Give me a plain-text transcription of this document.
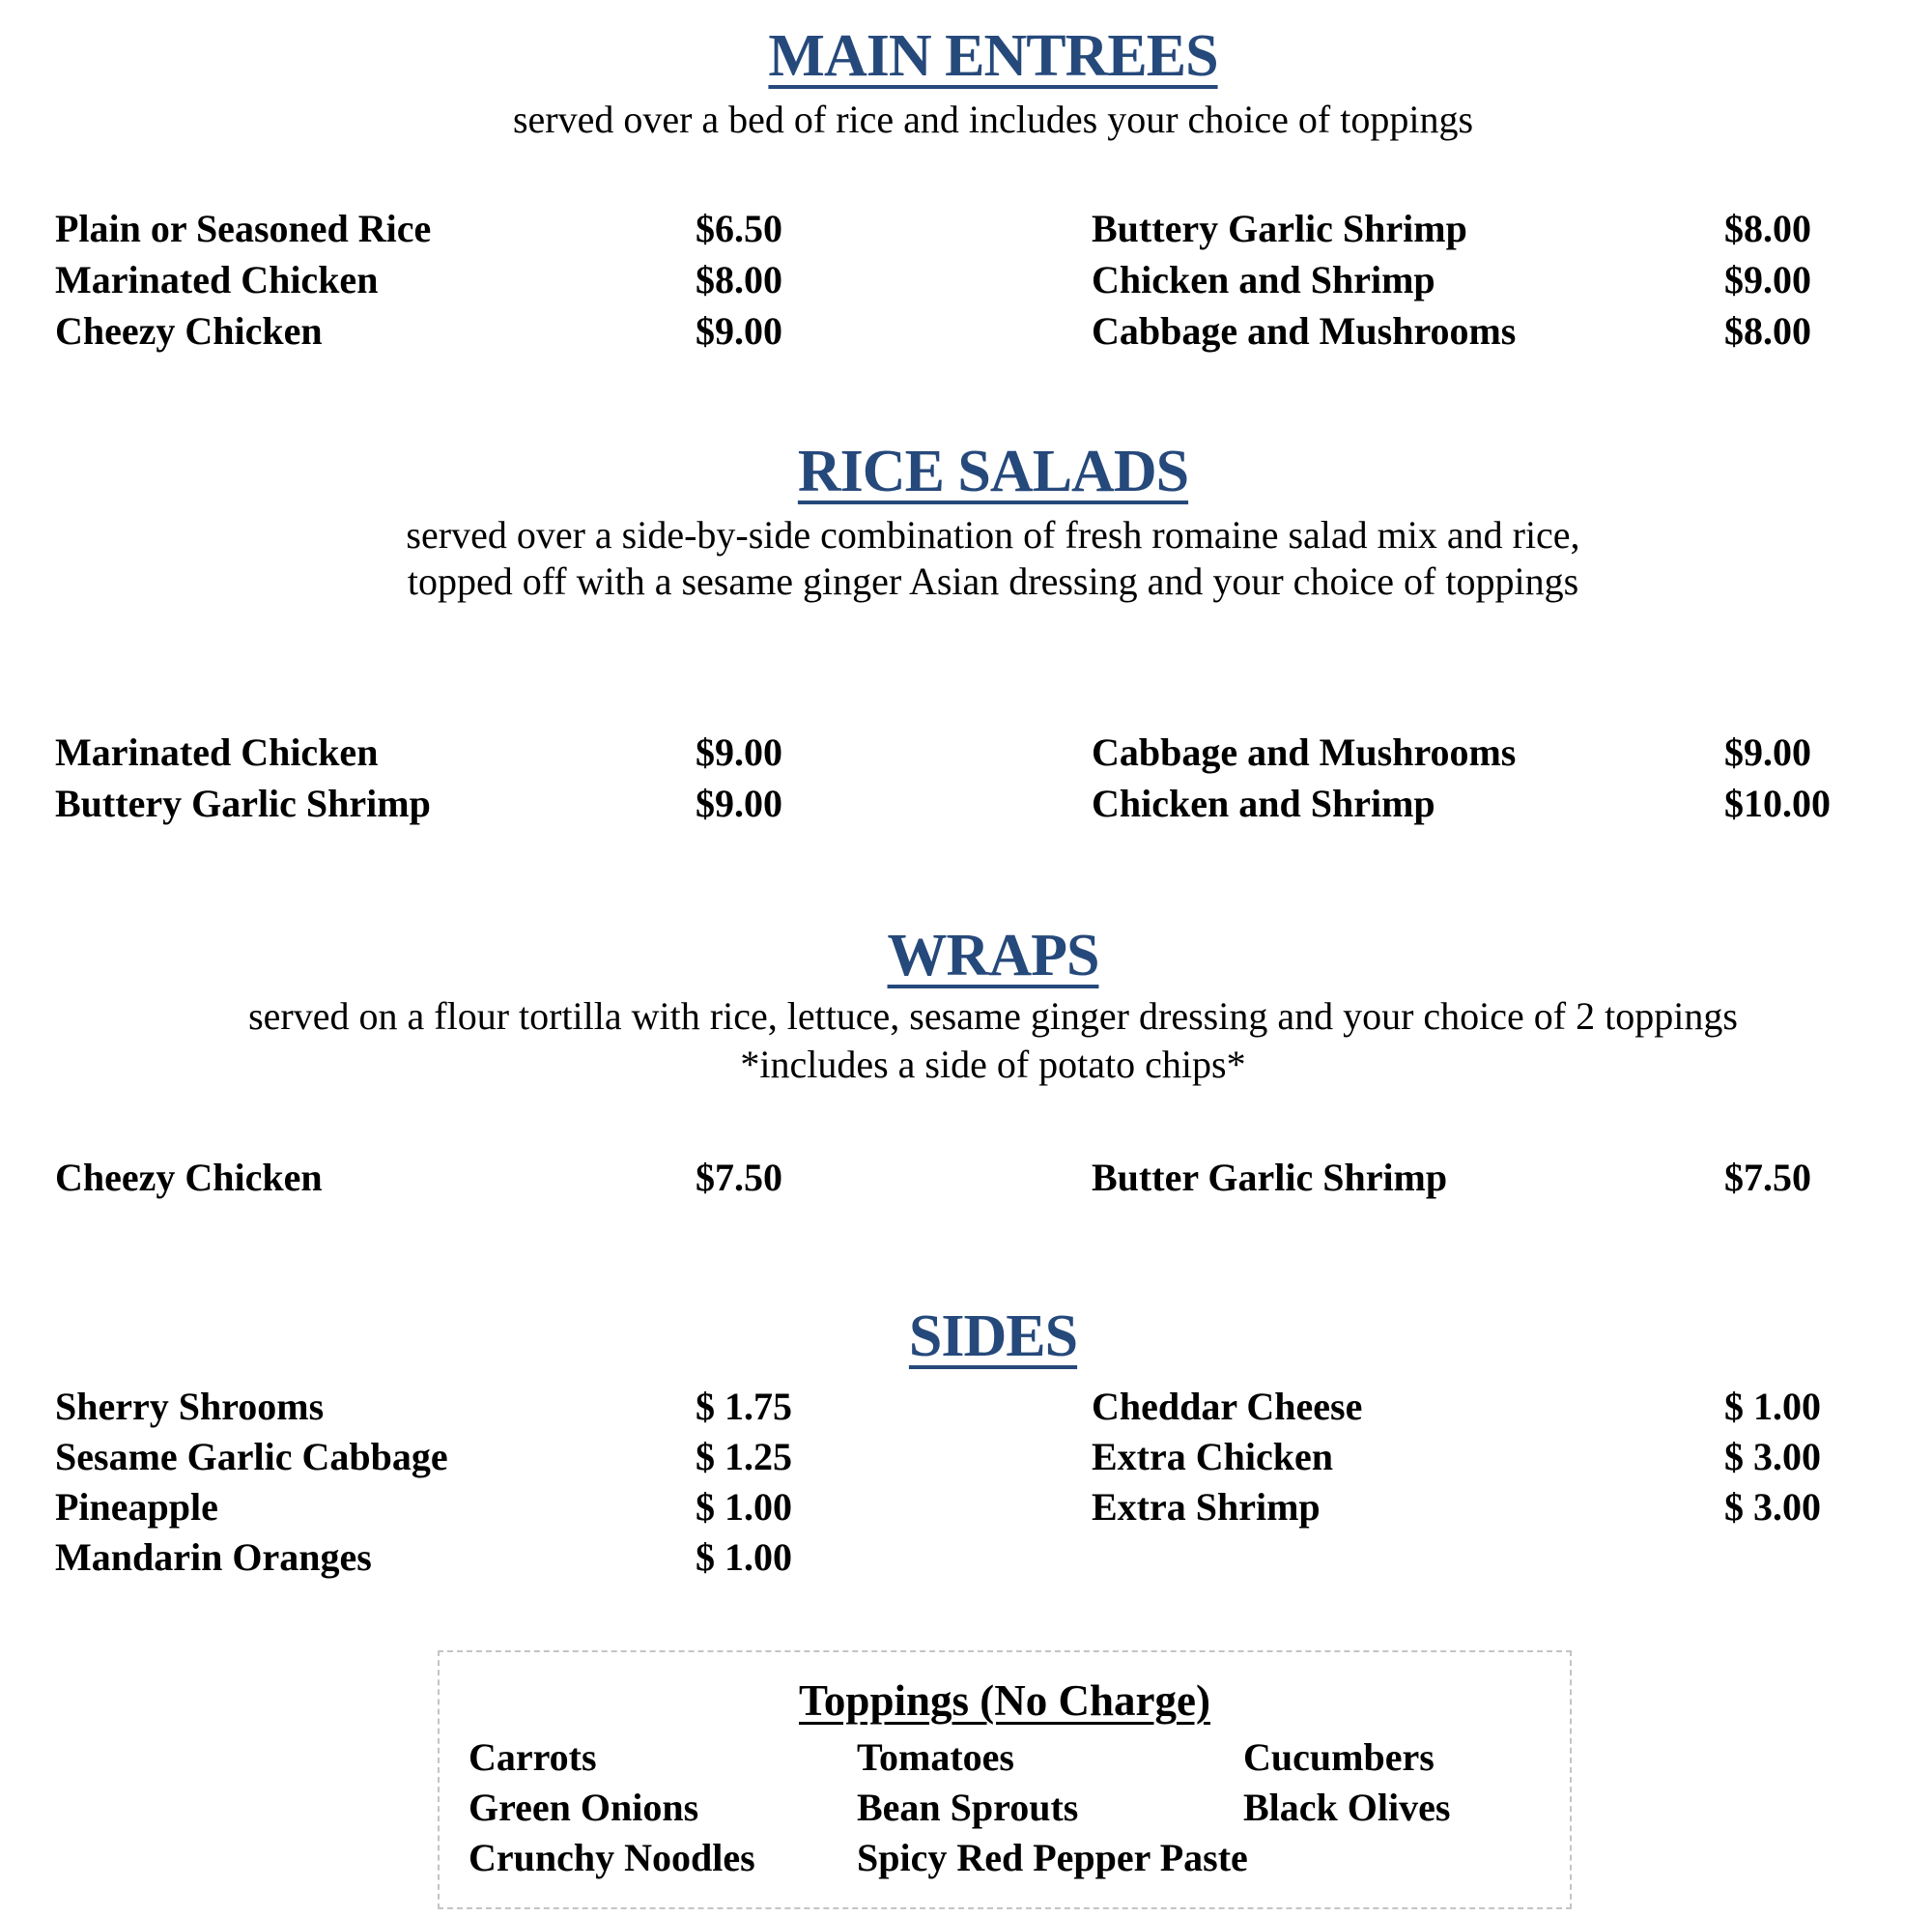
MAIN ENTREES
served over a bed of rice and includes your choice of toppings
Plain or Seasoned Rice	$6.50	Buttery Garlic Shrimp	$8.00
Marinated Chicken	$8.00	Chicken and Shrimp	$9.00
Cheezy Chicken	$9.00	Cabbage and Mushrooms	$8.00
RICE SALADS
served over a side-by-side combination of fresh romaine salad mix and rice,
topped off with a sesame ginger Asian dressing and your choice of toppings
Marinated Chicken	$9.00	Cabbage and Mushrooms	$9.00
Buttery Garlic Shrimp	$9.00	Chicken and Shrimp	$10.00
WRAPS
served on a flour tortilla with rice, lettuce, sesame ginger dressing and your choice of 2 toppings
*includes a side of potato chips*
Cheezy Chicken	$7.50	Butter Garlic Shrimp	$7.50
SIDES
Sherry Shrooms	$ 1.75	Cheddar Cheese	$ 1.00
Sesame Garlic Cabbage	$ 1.25	Extra Chicken	$ 3.00
Pineapple	$ 1.00	Extra Shrimp	$ 3.00
Mandarin Oranges	$ 1.00
Toppings (No Charge)
Carrots	Tomatoes	Cucumbers
Green Onions	Bean Sprouts	Black Olives
Crunchy Noodles	Spicy Red Pepper Paste
